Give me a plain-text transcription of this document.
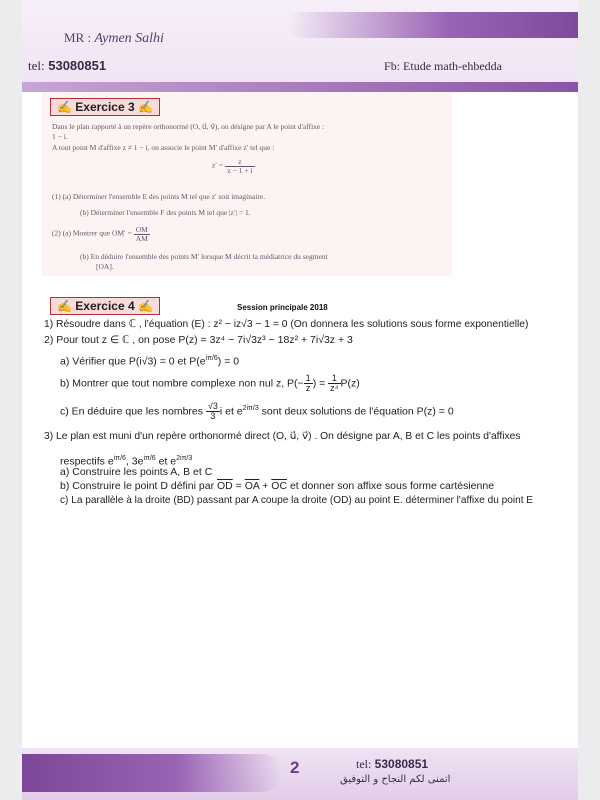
MR : Aymen Salhi
tel: 53080851	Fb: Etude math-ehbedda
✍ Exercice 3 ✍
Dans le plan rapporté à un repère orthonormé (O, u⃗, v⃗), on désigne par A le point d'affixe :
1 − i.
A tout point M d'affixe z ≠ 1 − i, on associe le point M′ d'affixe z′ tel que :
$z' = \frac{z}{z - 1 + i}$
(1) (a) Déterminer l'ensemble E des points M tel que z′ soit imaginaire.
(b) Déterminer l'ensemble F des points M tel que |z′| = 1.
(2) (a) Montrer que $OM' = \frac{OM}{AM}$
(b) En déduire l'ensemble des points M′ lorsque M décrit la médiatrice du segment
[OA].
✍ Exercice 4 ✍	Session principale 2018
1) Résoudre dans ℂ , l'équation (E) : z² − iz√3 − 1 = 0 (On donnera les solutions sous forme exponentielle)
2) Pour tout z ∈ ℂ , on pose P(z) = 3z⁴ − 7i√3z³ − 18z² + 7i√3z + 3
a) Vérifier que P(i√3) = 0 et $P(e^{i\pi/6}) = 0$
b) Montrer que tout nombre complexe non nul z, $P(- \frac{1}{z}$ ) = $\frac{1}{\text{z⁴}} P(z)$
c) En déduire que les nombres $\frac{√3}{3}$ i et $e^{2i\pi/3}$ sont deux solutions de l'équation P(z) = 0
3) Le plan est muni d'un repère orthonormé direct (O, u⃗, v⃗) . On désigne par A, B et C les points d'affixes
respectifs $e^{i\pi/6}$, $3e^{i\pi/6}$ et $e^{2i\pi/3}$
a) Construire les points A, B et C
b) Construire le point D défini par $\overline{OD} = \overline{OA} + \overline{OC}$ et donner son affixe sous forme cartésienne
c) La parallèle à la droite (BD) passant par A coupe la droite (OD) au point E. déterminer l'affixe du point E
2	tel: 53080851
اتمنى لكم النجاح و التوفيق
